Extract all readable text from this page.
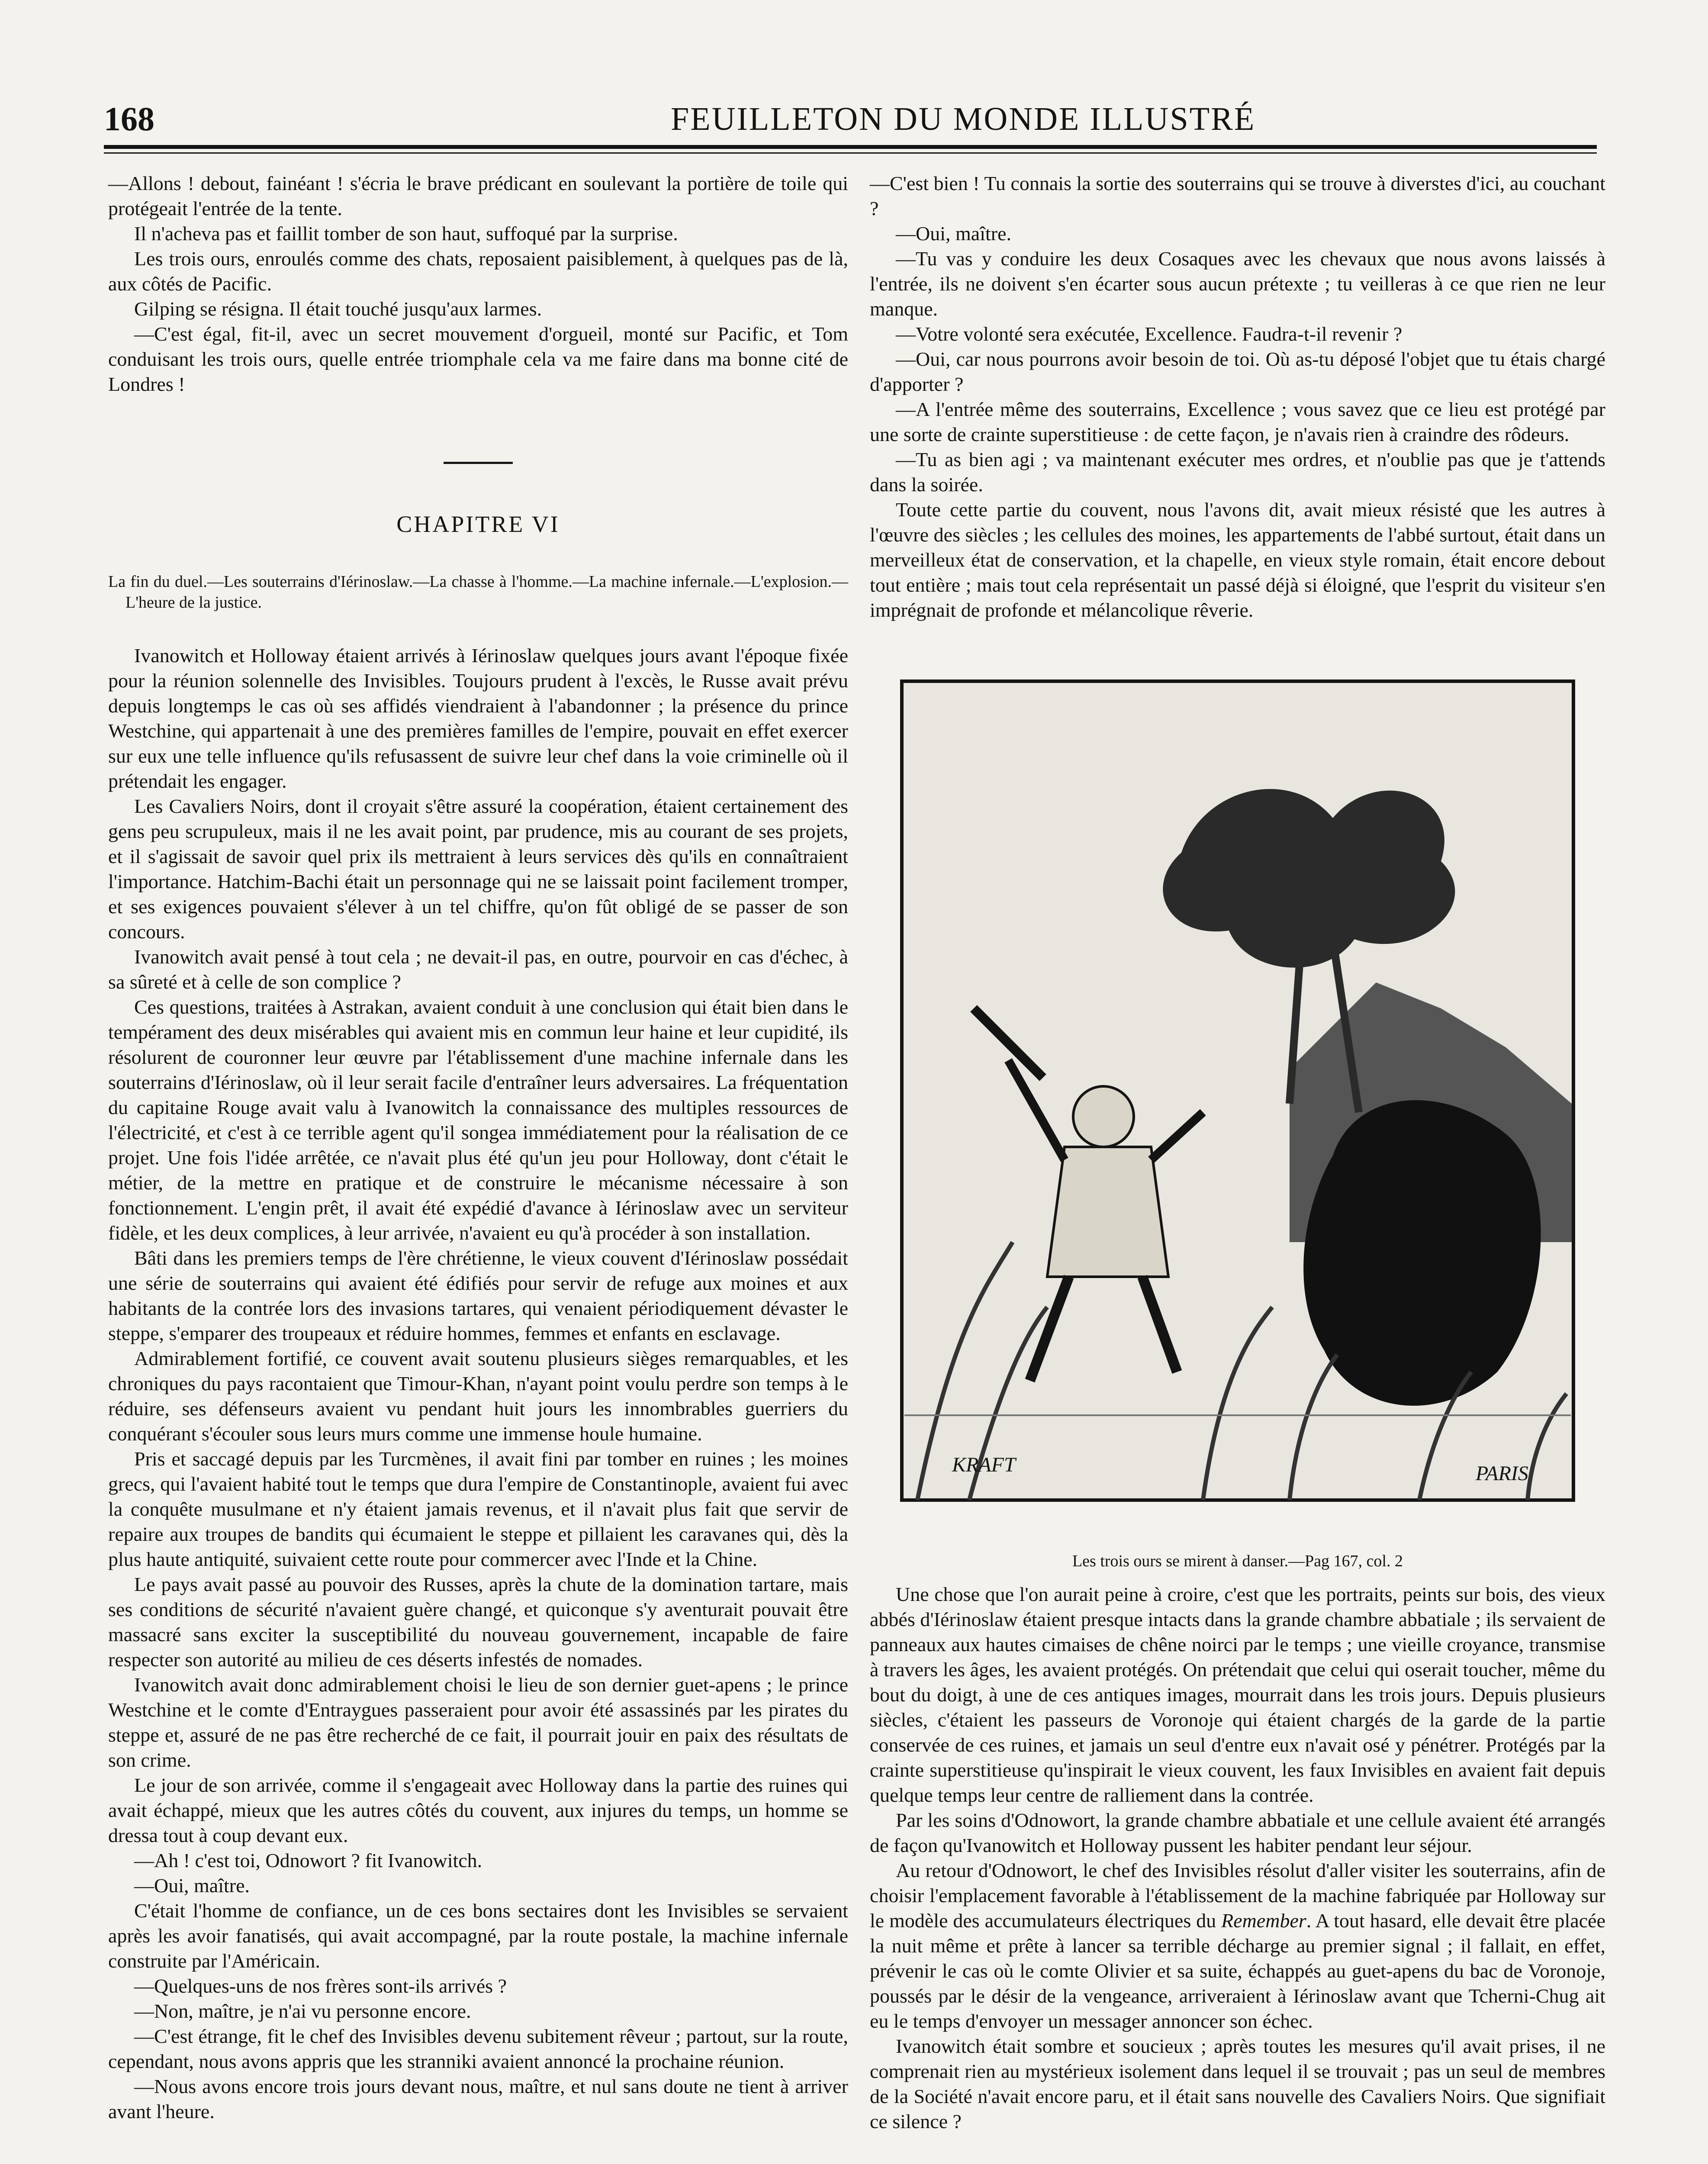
168	FEUILLETON DU MONDE ILLUSTRÉ

—Allons ! debout, fainéant ! s'écria le brave prédicant en soulevant la portière de toile qui protégeait l'entrée de la tente.

Il n'acheva pas et faillit tomber de son haut, suffoqué par la surprise.

Les trois ours, enroulés comme des chats, reposaient paisiblement, à quelques pas de là, aux côtés de Pacific.

Gilping se résigna. Il était touché jusqu'aux larmes.

—C'est égal, fit-il, avec un secret mouvement d'orgueil, monté sur Pacific, et Tom conduisant les trois ours, quelle entrée triomphale cela va me faire dans ma bonne cité de Londres !

CHAPITRE VI
La fin du duel.—Les souterrains d'Iérinoslaw.—La chasse à l'homme.—La machine infernale.—L'explosion.—L'heure de la justice.

Ivanowitch et Holloway étaient arrivés à Iérinoslaw quelques jours avant l'époque fixée pour la réunion solennelle des Invisibles. Toujours prudent à l'excès, le Russe avait prévu depuis longtemps le cas où ses affidés viendraient à l'abandonner ; la présence du prince Westchine, qui appartenait à une des premières familles de l'empire, pouvait en effet exercer sur eux une telle influence qu'ils refusassent de suivre leur chef dans la voie criminelle où il prétendait les engager.

Les Cavaliers Noirs, dont il croyait s'être assuré la coopération, étaient certainement des gens peu scrupuleux, mais il ne les avait point, par prudence, mis au courant de ses projets, et il s'agissait de savoir quel prix ils mettraient à leurs services dès qu'ils en connaîtraient l'importance. Hatchim-Bachi était un personnage qui ne se laissait point facilement tromper, et ses exigences pouvaient s'élever à un tel chiffre, qu'on fût obligé de se passer de son concours.

Ivanowitch avait pensé à tout cela ; ne devait-il pas, en outre, pourvoir en cas d'échec, à sa sûreté et à celle de son complice ?

Ces questions, traitées à Astrakan, avaient conduit à une conclusion qui était bien dans le tempérament des deux misérables qui avaient mis en commun leur haine et leur cupidité, ils résolurent de couronner leur œuvre par l'établissement d'une machine infernale dans les souterrains d'Iérinoslaw, où il leur serait facile d'entraîner leurs adversaires. La fréquentation du capitaine Rouge avait valu à Ivanowitch la connaissance des multiples ressources de l'électricité, et c'est à ce terrible agent qu'il songea immédiatement pour la réalisation de ce projet. Une fois l'idée arrêtée, ce n'avait plus été qu'un jeu pour Holloway, dont c'était le métier, de la mettre en pratique et de construire le mécanisme nécessaire à son fonctionnement. L'engin prêt, il avait été expédié d'avance à Iérinoslaw avec un serviteur fidèle, et les deux complices, à leur arrivée, n'avaient eu qu'à procéder à son installation.

Bâti dans les premiers temps de l'ère chrétienne, le vieux couvent d'Iérinoslaw possédait une série de souterrains qui avaient été édifiés pour servir de refuge aux moines et aux habitants de la contrée lors des invasions tartares, qui venaient périodiquement dévaster le steppe, s'emparer des troupeaux et réduire hommes, femmes et enfants en esclavage.

Admirablement fortifié, ce couvent avait soutenu plusieurs sièges remarquables, et les chroniques du pays racontaient que Timour-Khan, n'ayant point voulu perdre son temps à le réduire, ses défenseurs avaient vu pendant huit jours les innombrables guerriers du conquérant s'écouler sous leurs murs comme une immense houle humaine.

Pris et saccagé depuis par les Turcmènes, il avait fini par tomber en ruines ; les moines grecs, qui l'avaient habité tout le temps que dura l'empire de Constantinople, avaient fui avec la conquête musulmane et n'y étaient jamais revenus, et il n'avait plus fait que servir de repaire aux troupes de bandits qui écumaient le steppe et pillaient les caravanes qui, dès la plus haute antiquité, suivaient cette route pour commercer avec l'Inde et la Chine.

Le pays avait passé au pouvoir des Russes, après la chute de la domination tartare, mais ses conditions de sécurité n'avaient guère changé, et quiconque s'y aventurait pouvait être massacré sans exciter la susceptibilité du nouveau gouvernement, incapable de faire respecter son autorité au milieu de ces déserts infestés de nomades.

Ivanowitch avait donc admirablement choisi le lieu de son dernier guet-apens ; le prince Westchine et le comte d'Entraygues passeraient pour avoir été assassinés par les pirates du steppe et, assuré de ne pas être recherché de ce fait, il pourrait jouir en paix des résultats de son crime.

Le jour de son arrivée, comme il s'engageait avec Holloway dans la partie des ruines qui avait échappé, mieux que les autres côtés du couvent, aux injures du temps, un homme se dressa tout à coup devant eux.

—Ah ! c'est toi, Odnowort ? fit Ivanowitch.

—Oui, maître.

C'était l'homme de confiance, un de ces bons sectaires dont les Invisibles se servaient après les avoir fanatisés, qui avait accompagné, par la route postale, la machine infernale construite par l'Américain.

—Quelques-uns de nos frères sont-ils arrivés ?

—Non, maître, je n'ai vu personne encore.

—C'est étrange, fit le chef des Invisibles devenu subitement rêveur ; partout, sur la route, cependant, nous avons appris que les stranniki avaient annoncé la prochaine réunion.

—Nous avons encore trois jours devant nous, maître, et nul sans doute ne tient à arriver avant l'heure.

—C'est bien ! Tu connais la sortie des souterrains qui se trouve à diverstes d'ici, au couchant ?

—Oui, maître.

—Tu vas y conduire les deux Cosaques avec les chevaux que nous avons laissés à l'entrée, ils ne doivent s'en écarter sous aucun prétexte ; tu veilleras à ce que rien ne leur manque.

—Votre volonté sera exécutée, Excellence. Faudra-t-il revenir ?

—Oui, car nous pourrons avoir besoin de toi. Où as-tu déposé l'objet que tu étais chargé d'apporter ?

—A l'entrée même des souterrains, Excellence ; vous savez que ce lieu est protégé par une sorte de crainte superstitieuse : de cette façon, je n'avais rien à craindre des rôdeurs.

—Tu as bien agi ; va maintenant exécuter mes ordres, et n'oublie pas que je t'attends dans la soirée.

Toute cette partie du couvent, nous l'avons dit, avait mieux résisté que les autres à l'œuvre des siècles ; les cellules des moines, les appartements de l'abbé surtout, était dans un merveilleux état de conservation, et la chapelle, en vieux style romain, était encore debout tout entière ; mais tout cela représentait un passé déjà si éloigné, que l'esprit du visiteur s'en imprégnait de profonde et mélancolique rêverie.

KRAFT	PARIS
Les trois ours se mirent à danser.—Pag 167, col. 2

Une chose que l'on aurait peine à croire, c'est que les portraits, peints sur bois, des vieux abbés d'Iérinoslaw étaient presque intacts dans la grande chambre abbatiale ; ils servaient de panneaux aux hautes cimaises de chêne noirci par le temps ; une vieille croyance, transmise à travers les âges, les avaient protégés. On prétendait que celui qui oserait toucher, même du bout du doigt, à une de ces antiques images, mourrait dans les trois jours. Depuis plusieurs siècles, c'étaient les passeurs de Voronoje qui étaient chargés de la garde de la partie conservée de ces ruines, et jamais un seul d'entre eux n'avait osé y pénétrer. Protégés par la crainte superstitieuse qu'inspirait le vieux couvent, les faux Invisibles en avaient fait depuis quelque temps leur centre de ralliement dans la contrée.

Par les soins d'Odnowort, la grande chambre abbatiale et une cellule avaient été arrangés de façon qu'Ivanowitch et Holloway pussent les habiter pendant leur séjour.

Au retour d'Odnowort, le chef des Invisibles résolut d'aller visiter les souterrains, afin de choisir l'emplacement favorable à l'établissement de la machine fabriquée par Holloway sur le modèle des accumulateurs électriques du Remember. A tout hasard, elle devait être placée la nuit même et prête à lancer sa terrible décharge au premier signal ; il fallait, en effet, prévenir le cas où le comte Olivier et sa suite, échappés au guet-apens du bac de Voronoje, poussés par le désir de la vengeance, arriveraient à Iérinoslaw avant que Tcherni-Chug ait eu le temps d'envoyer un messager annoncer son échec.

Ivanowitch était sombre et soucieux ; après toutes les mesures qu'il avait prises, il ne comprenait rien au mystérieux isolement dans lequel il se trouvait ; pas un seul de membres de la Société n'avait encore paru, et il était sans nouvelle des Cavaliers Noirs. Que signifiait ce silence ?
